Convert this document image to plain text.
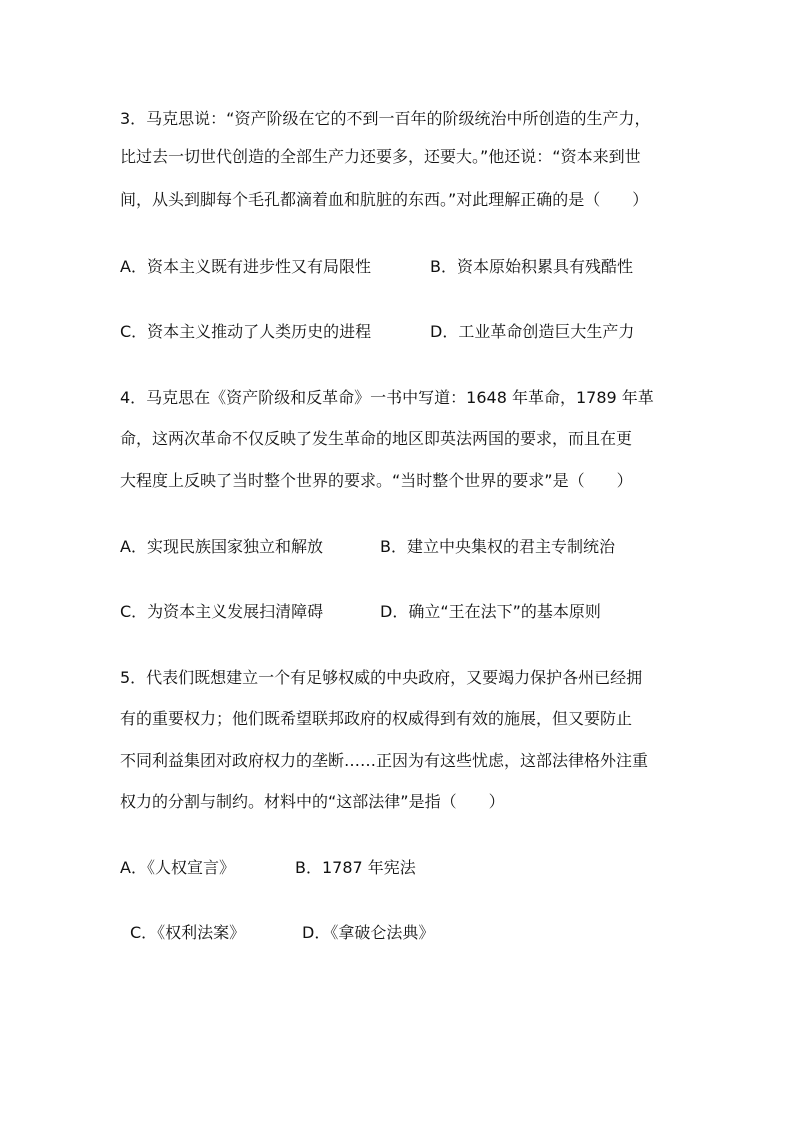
3．马克思说：“资产阶级在它的不到一百年的阶级统治中所创造的生产力，
比过去一切世代创造的全部生产力还要多，还要大。”他还说：“资本来到世
间，从头到脚每个毛孔都滴着血和肮脏的东西。”对此理解正确的是（　　）
A．资本主义既有进步性又有局限性	B．资本原始积累具有残酷性
C．资本主义推动了人类历史的进程	D．工业革命创造巨大生产力
4．马克思在《资产阶级和反革命》一书中写道：1648 年革命，1789 年革
命，这两次革命不仅反映了发生革命的地区即英法两国的要求，而且在更
大程度上反映了当时整个世界的要求。“当时整个世界的要求”是（　　）
A．实现民族国家独立和解放	B．建立中央集权的君主专制统治
C．为资本主义发展扫清障碍	D．确立“王在法下”的基本原则
5．代表们既想建立一个有足够权威的中央政府，又要竭力保护各州已经拥
有的重要权力；他们既希望联邦政府的权威得到有效的施展，但又要防止
不同利益集团对政府权力的垄断……正因为有这些忧虑，这部法律格外注重
权力的分割与制约。材料中的“这部法律”是指（　　）
A．《人权宣言》	B．1787 年宪法
C．《权利法案》	D．《拿破仑法典》
